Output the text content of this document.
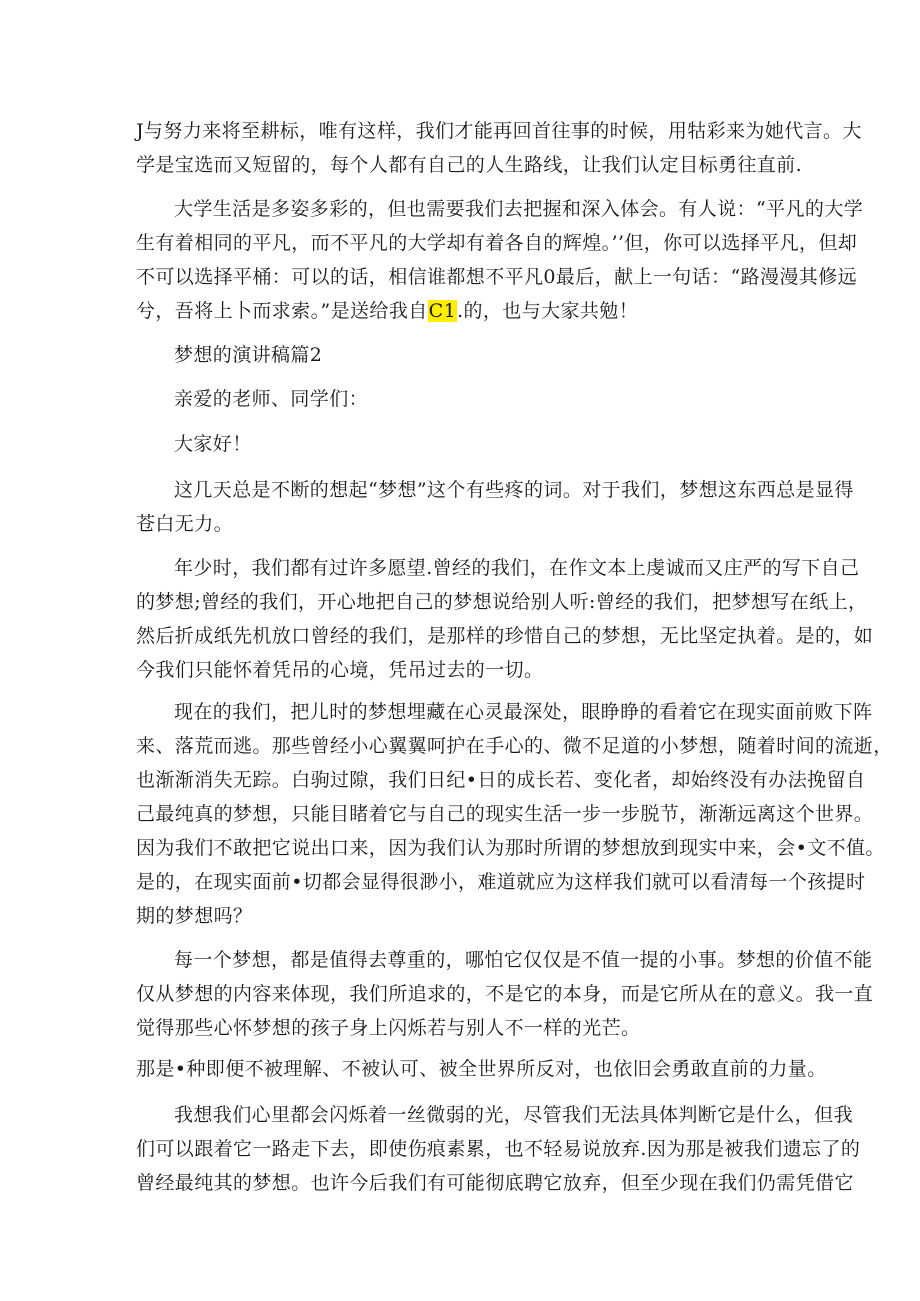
J与努力来将至耕标，唯有这样，我们才能再回首往事的时候，用牯彩来为她代言。大
学是宝选而又短留的，每个人都有自己的人生路线，让我们认定目标勇往直前.
大学生活是多姿多彩的，但也需要我们去把握和深入体会。有人说：“平凡的大学
生有着相同的平凡，而不平凡的大学却有着各自的辉煌。’’但，你可以选择平凡，但却
不可以选择平桶：可以的话，相信谁都想不平凡0最后，献上一句话：“路漫漫其修远
兮，吾将上卜而求索。”是送给我自C1.的，也与大家共勉！
梦想的演讲稿篇2
亲爱的老师、同学们：
大家好！
这几天总是不断的想起“梦想”这个有些疼的词。对于我们，梦想这东西总是显得
苍白无力。
年少时，我们都有过许多愿望.曾经的我们，在作文本上虔诚而又庄严的写下自己
的梦想;曾经的我们，开心地把自己的梦想说给别人听:曾经的我们，把梦想写在纸上，
然后折成纸先机放口曾经的我们，是那样的珍惜自己的梦想，无比坚定执着。是的，如
今我们只能怀着凭吊的心境，凭吊过去的一切。
现在的我们，把儿时的梦想埋藏在心灵最深处，眼睁睁的看着它在现实面前败下阵
来、落荒而逃。那些曾经小心翼翼呵护在手心的、微不足道的小梦想，随着时间的流逝，
也渐渐消失无踪。白驹过隙，我们日纪•日的成长若、变化者，却始终没有办法挽留自
己最纯真的梦想，只能目睹着它与自己的现实生活一步一步脱节，渐渐远离这个世界。
因为我们不敢把它说出口来，因为我们认为那时所谓的梦想放到现实中来，会•文不值。
是的，在现实面前•切都会显得很渺小，难道就应为这样我们就可以看清每一个孩提时
期的梦想吗？
每一个梦想，都是值得去尊重的，哪怕它仅仅是不值一提的小事。梦想的价值不能
仅从梦想的内容来体现，我们所追求的，不是它的本身，而是它所从在的意义。我一直
觉得那些心怀梦想的孩子身上闪烁若与别人不一样的光芒。
那是•种即便不被理解、不被认可、被全世界所反对，也依旧会勇敢直前的力量。
我想我们心里都会闪烁着一丝微弱的光，尽管我们无法具体判断它是什么，但我
们可以跟着它一路走下去，即使伤痕素累，也不轻易说放弃.因为那是被我们遗忘了的
曾经最纯其的梦想。也许今后我们有可能彻底聘它放弃，但至少现在我们仍需凭借它
